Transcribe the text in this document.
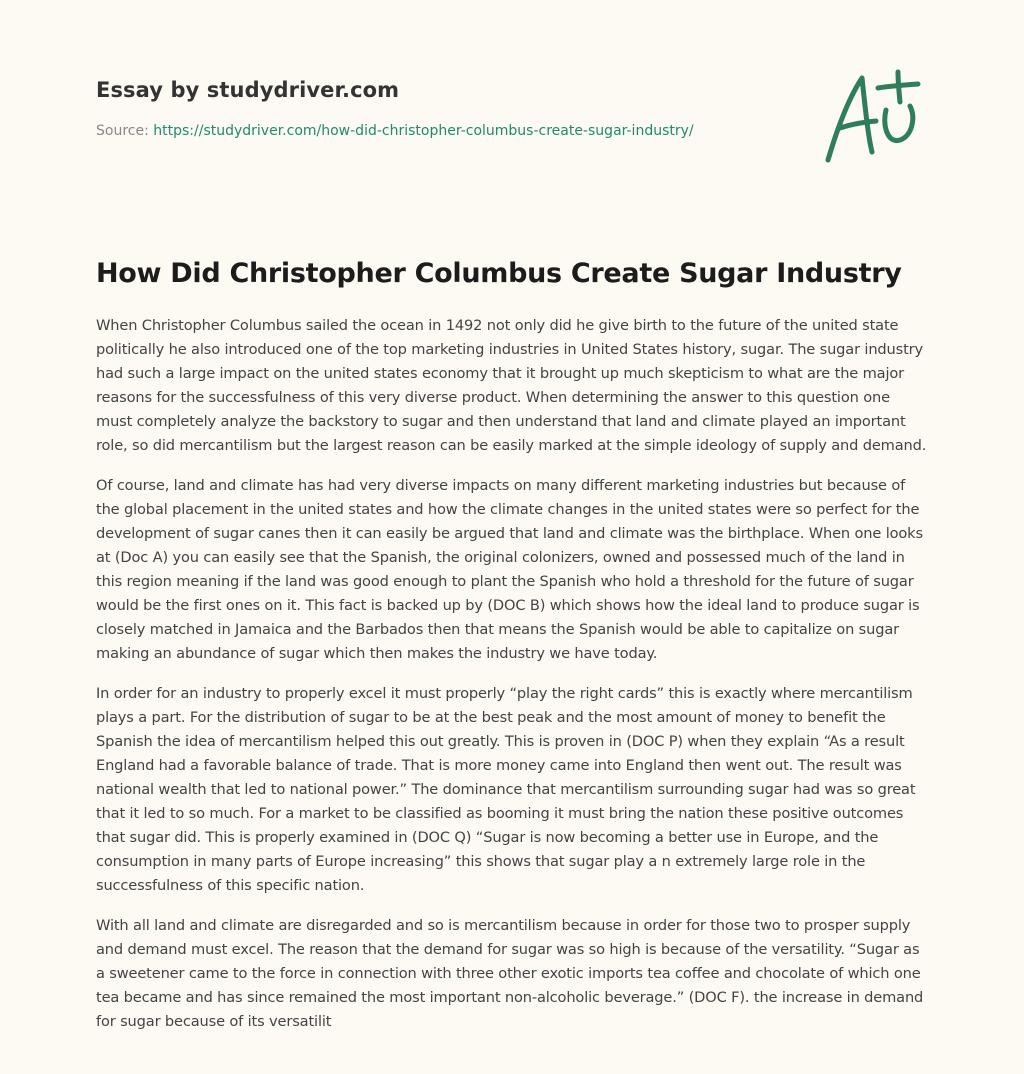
Essay by studydriver.com
Source: https://studydriver.com/how-did-christopher-columbus-create-sugar-industry/
How Did Christopher Columbus Create Sugar Industry

When Christopher Columbus sailed the ocean in 1492 not only did he give birth to the future of the united state politically he also introduced one of the top marketing industries in United States history, sugar. The sugar industry had such a large impact on the united states economy that it brought up much skepticism to what are the major reasons for the successfulness of this very diverse product. When determining the answer to this question one must completely analyze the backstory to sugar and then understand that land and climate played an important role, so did mercantilism but the largest reason can be easily marked at the simple ideology of supply and demand.

Of course, land and climate has had very diverse impacts on many different marketing industries but because of the global placement in the united states and how the climate changes in the united states were so perfect for the development of sugar canes then it can easily be argued that land and climate was the birthplace. When one looks at (Doc A) you can easily see that the Spanish, the original colonizers, owned and possessed much of the land in this region meaning if the land was good enough to plant the Spanish who hold a threshold for the future of sugar would be the first ones on it. This fact is backed up by (DOC B) which shows how the ideal land to produce sugar is closely matched in Jamaica and the Barbados then that means the Spanish would be able to capitalize on sugar making an abundance of sugar which then makes the industry we have today.

In order for an industry to properly excel it must properly “play the right cards” this is exactly where mercantilism plays a part. For the distribution of sugar to be at the best peak and the most amount of money to benefit the Spanish the idea of mercantilism helped this out greatly. This is proven in (DOC P) when they explain “As a result England had a favorable balance of trade. That is more money came into England then went out. The result was national wealth that led to national power.” The dominance that mercantilism surrounding sugar had was so great that it led to so much. For a market to be classified as booming it must bring the nation these positive outcomes that sugar did. This is properly examined in (DOC Q) “Sugar is now becoming a better use in Europe, and the consumption in many parts of Europe increasing” this shows that sugar play a n extremely large role in the successfulness of this specific nation.

With all land and climate are disregarded and so is mercantilism because in order for those two to prosper supply and demand must excel. The reason that the demand for sugar was so high is because of the versatility. “Sugar as a sweetener came to the force in connection with three other exotic imports tea coffee and chocolate of which one tea became and has since remained the most important non-alcoholic beverage.” (DOC F). the increase in demand for sugar because of its versatilit
